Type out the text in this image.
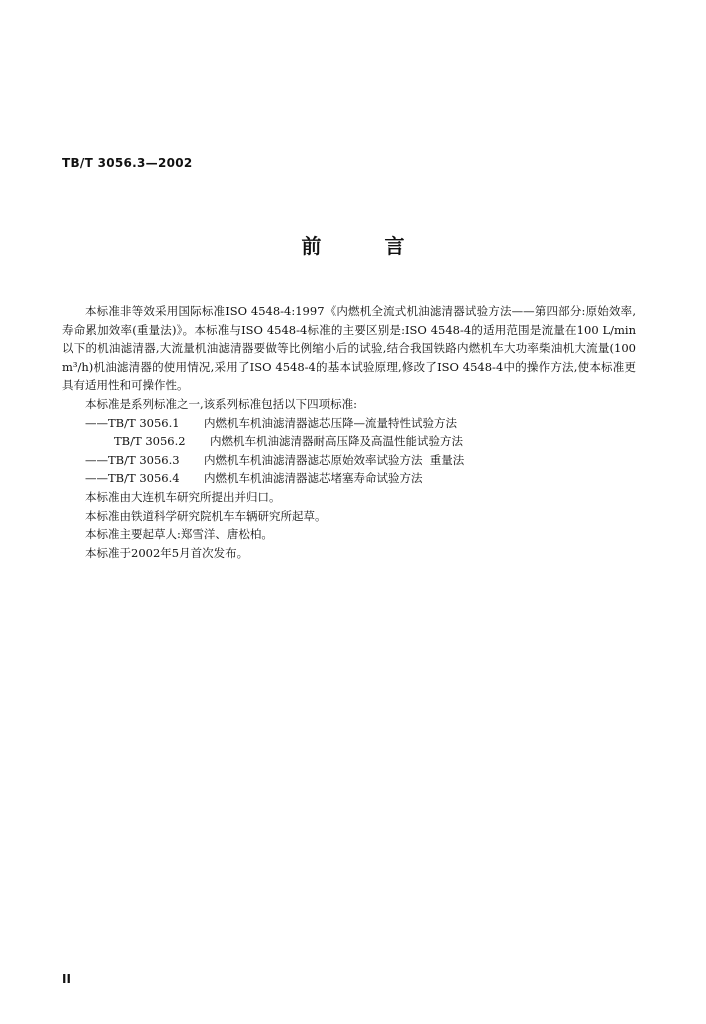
TB/T 3056.3—2002
前 言

本标准非等效采用国际标准ISO 4548-4:1997《内燃机全流式机油滤清器试验方法——第四部分:原始效率,寿命累加效率(重量法)》。本标准与ISO 4548-4标准的主要区别是:ISO 4548-4的适用范围是流量在100 L/min以下的机油滤清器,大流量机油滤清器要做等比例缩小后的试验,结合我国铁路内燃机车大功率柴油机大流量(100 m³/h)机油滤清器的使用情况,采用了ISO 4548-4的基本试验原理,修改了ISO 4548-4中的操作方法,使本标准更具有适用性和可操作性。

本标准是系列标准之一,该系列标准包括以下四项标准:

——TB/T 3056.1 内燃机车机油滤清器滤芯压降—流量特性试验方法

TB/T 3056.2 内燃机车机油滤清器耐高压降及高温性能试验方法

——TB/T 3056.3 内燃机车机油滤清器滤芯原始效率试验方法  重量法

——TB/T 3056.4 内燃机车机油滤清器滤芯堵塞寿命试验方法

本标准由大连机车研究所提出并归口。

本标准由铁道科学研究院机车车辆研究所起草。

本标准主要起草人:郑雪洋、唐松柏。

本标准于2002年5月首次发布。

II
